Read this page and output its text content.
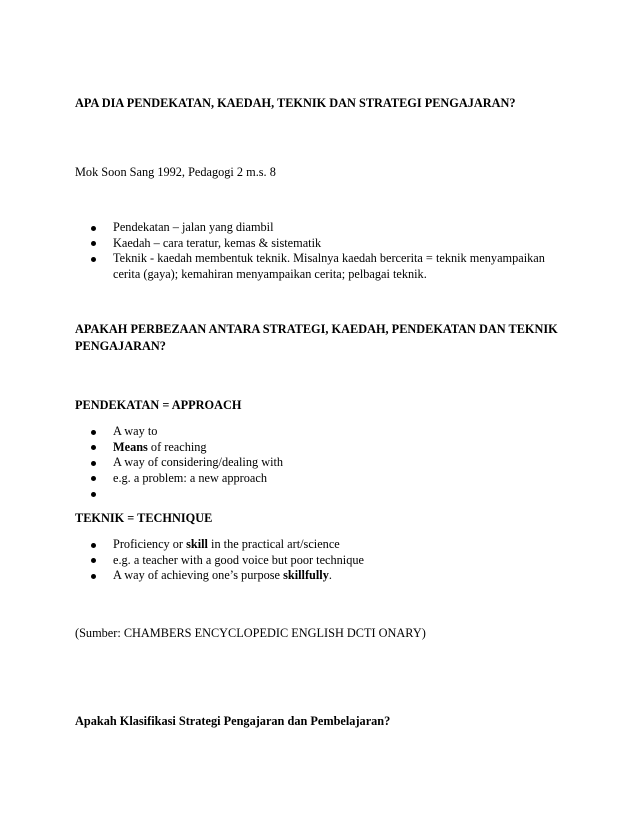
APA DIA PENDEKATAN, KAEDAH, TEKNIK DAN STRATEGI PENGAJARAN?
Mok Soon Sang 1992, Pedagogi 2 m.s. 8
Pendekatan – jalan yang diambil
Kaedah – cara teratur, kemas & sistematik
Teknik - kaedah membentuk teknik. Misalnya kaedah bercerita = teknik menyampaikan cerita (gaya); kemahiran menyampaikan cerita; pelbagai teknik.
APAKAH PERBEZAAN ANTARA STRATEGI, KAEDAH, PENDEKATAN DAN TEKNIK PENGAJARAN?
PENDEKATAN = APPROACH
A way to
Means of reaching
A way of considering/dealing with
e.g. a problem: a new approach
TEKNIK = TECHNIQUE
Proficiency or skill in the practical art/science
e.g. a teacher with a good voice but poor technique
A way of achieving one’s purpose skillfully.
(Sumber: CHAMBERS ENCYCLOPEDIC ENGLISH DCTI ONARY)
Apakah Klasifikasi Strategi Pengajaran dan Pembelajaran?
